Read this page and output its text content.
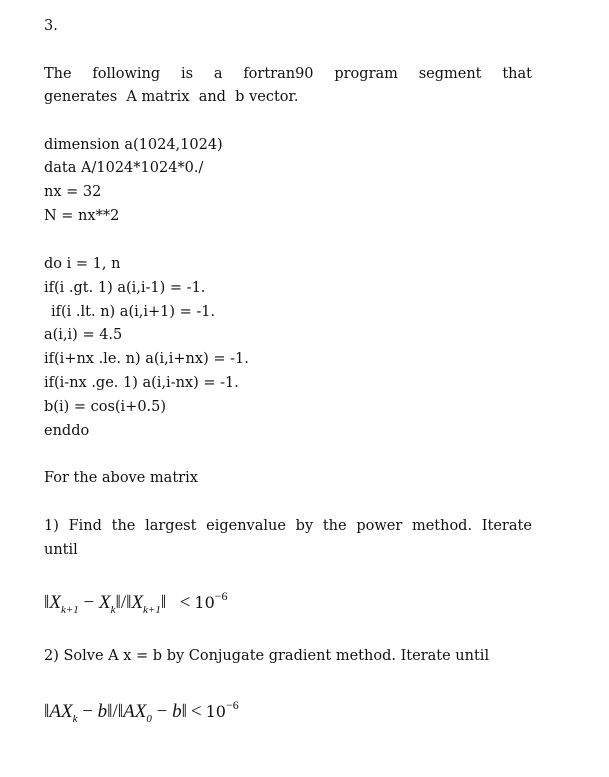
3.
The following is a fortran90 program segment that
generates  A matrix  and  b vector.
dimension a(1024,1024)
data A/1024*1024*0./
nx = 32
N = nx**2
do i = 1, n
if(i .gt. 1) a(i,i-1) = -1.
if(i .lt. n) a(i,i+1) = -1.
a(i,i) = 4.5
if(i+nx .le. n) a(i,i+nx) = -1.
if(i-nx .ge. 1) a(i,i-nx) = -1.
b(i) = cos(i+0.5)
enddo
For the above matrix
1) Find the largest eigenvalue by the power method. Iterate
until
$‖X_{k+1}$ − $X_k‖/‖X_{k+1}‖ < 10^{-6}$
2) Solve A x = b by Conjugate gradient method. Iterate until
$‖AX_k$ − $b‖/‖AX_0$ − b‖ < $10^{-6}$
